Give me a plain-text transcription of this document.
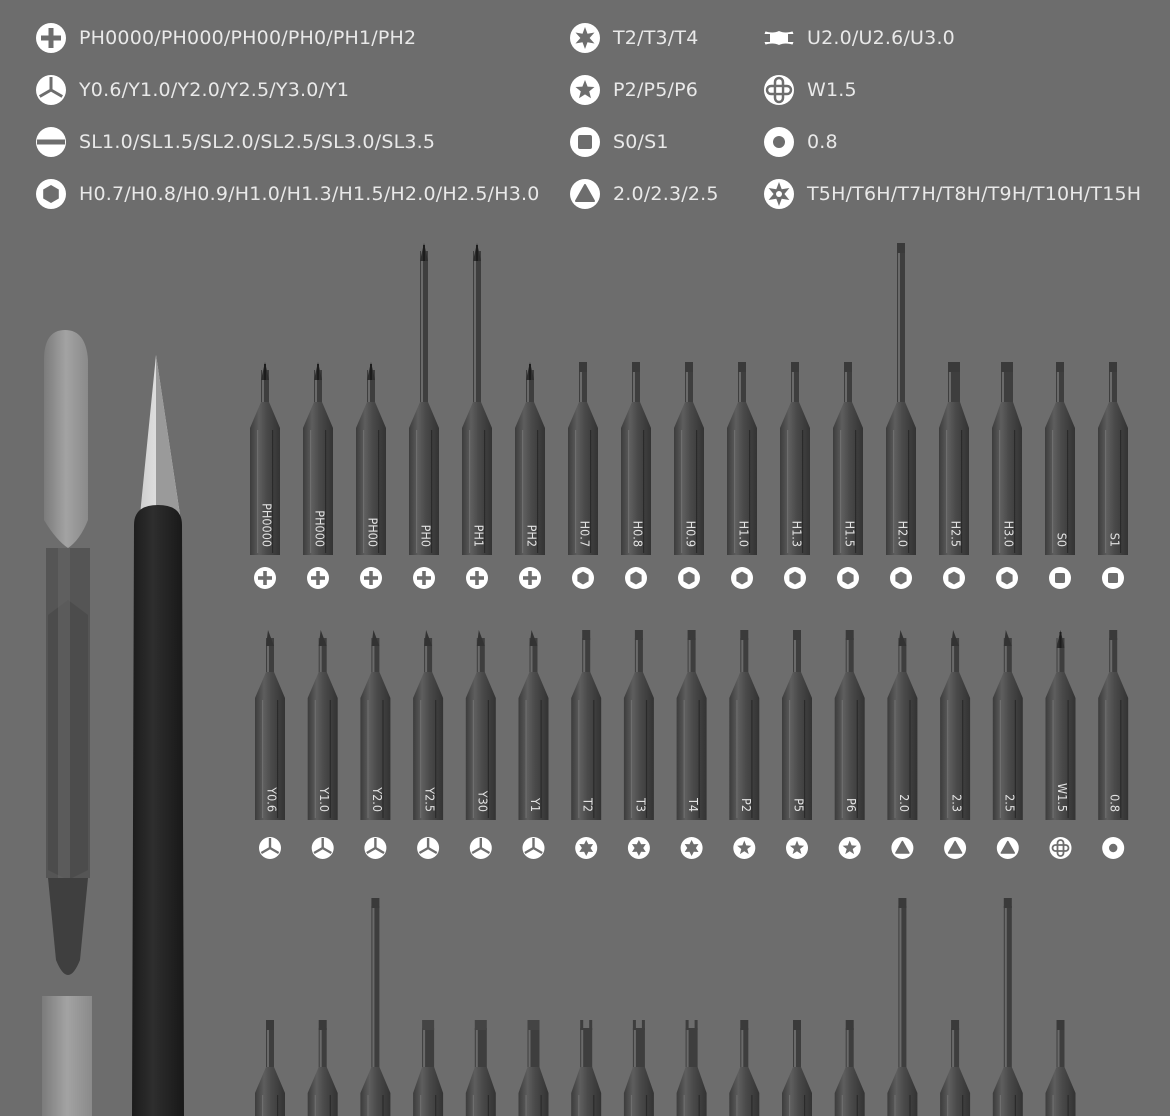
PH0000/PH000/PH00/PH0/PH1/PH2
Y0.6/Y1.0/Y2.0/Y2.5/Y3.0/Y1
SL1.0/SL1.5/SL2.0/SL2.5/SL3.0/SL3.5
H0.7/H0.8/H0.9/H1.0/H1.3/H1.5/H2.0/H2.5/H3.0
T2/T3/T4
P2/P5/P6
S0/S1
2.0/2.3/2.5
U2.0/U2.6/U3.0
W1.5
0.8
T5H/T6H/T7H/T8H/T9H/T10H/T15H
PH0000	PH000	PH00	PH0	PH1	PH2	H0.7	H0.8	H0.9	H1.0	H1.3	H1.5	H2.0	H2.5	H3.0	S0	S1
Y0.6	Y1.0	Y2.0	Y2.5	Y30	Y1	T2	T3	T4	P2	P5	P6	2.0	2.3	2.5	W1.5	0.8
